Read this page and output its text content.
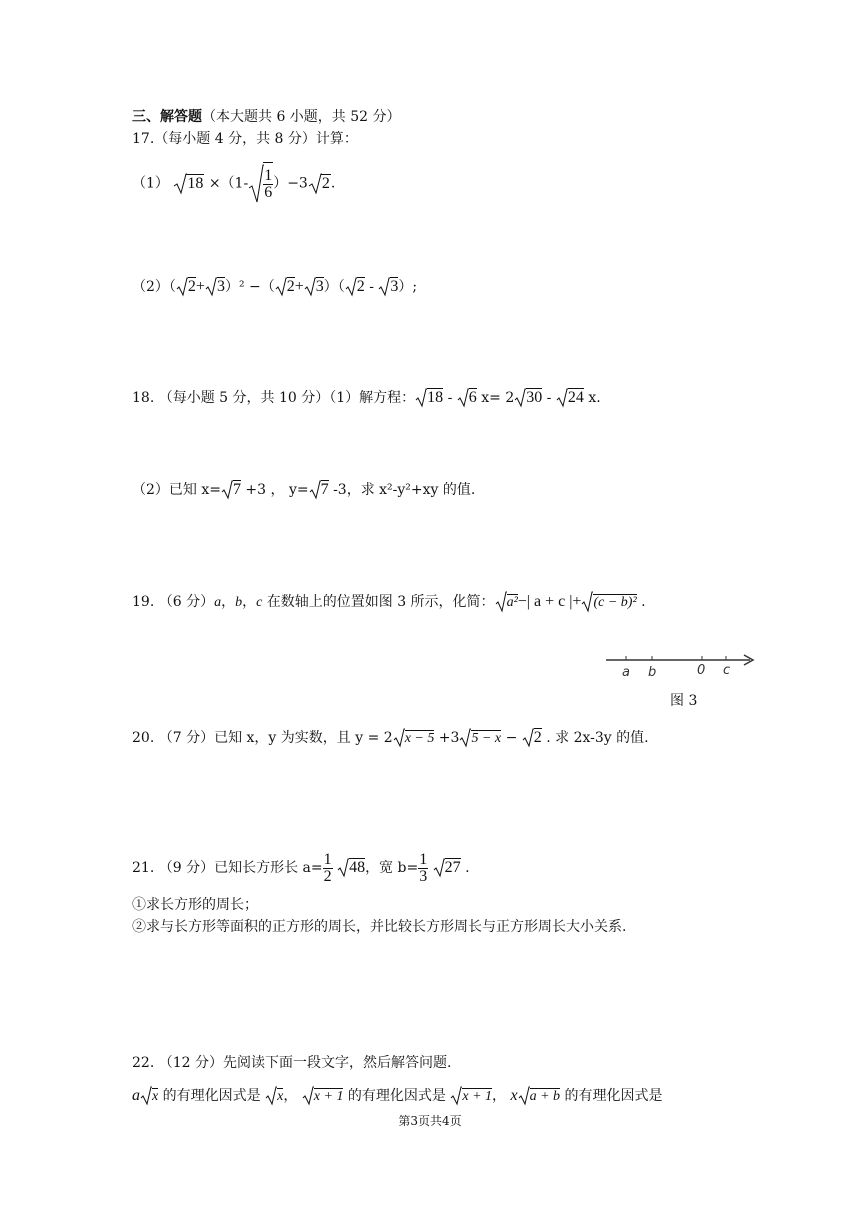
三、解答题（本大题共 6 小题，共 52 分）
17.（每小题 4 分，共 8 分）计算：
（1） $18 \times(1- \frac{1}{6} )-3$ 2.
（2）（ 2+ 3）² −（ 2+ 3）（ 2 -
3）;
18. （每小题 5 分，共 10 分）（1）解方程： 18 -
6 x= 2 30 -
24 x.
（2）已知 x= 7 +3 ， y= 7 -3，求 x²-y²+xy 的值.
19. （6 分）a，b，c 在数轴上的位置如图 3 所示，化简： a²−| a + c |+ (c − b)² .
a b	0 c
图 3
20. （7 分）已知 x，y 为实数，且 y = 2 x − 5 +3 5 − x −
2 . 求 2x-3y 的值.
21. （9 分）已知长方形长 $a= \frac{1}{2}$
48，宽 $b= \frac{1}{3}$
27 .
①求长方形的周长；
②求与长方形等面积的正方形的周长，并比较长方形周长与正方形周长大小关系.
22. （12 分）先阅读下面一段文字，然后解答问题.
a x 的有理化因式是
x，
x + 1 的有理化因式是
x + 1， x a + b 的有理化因式是
第3页共4页
